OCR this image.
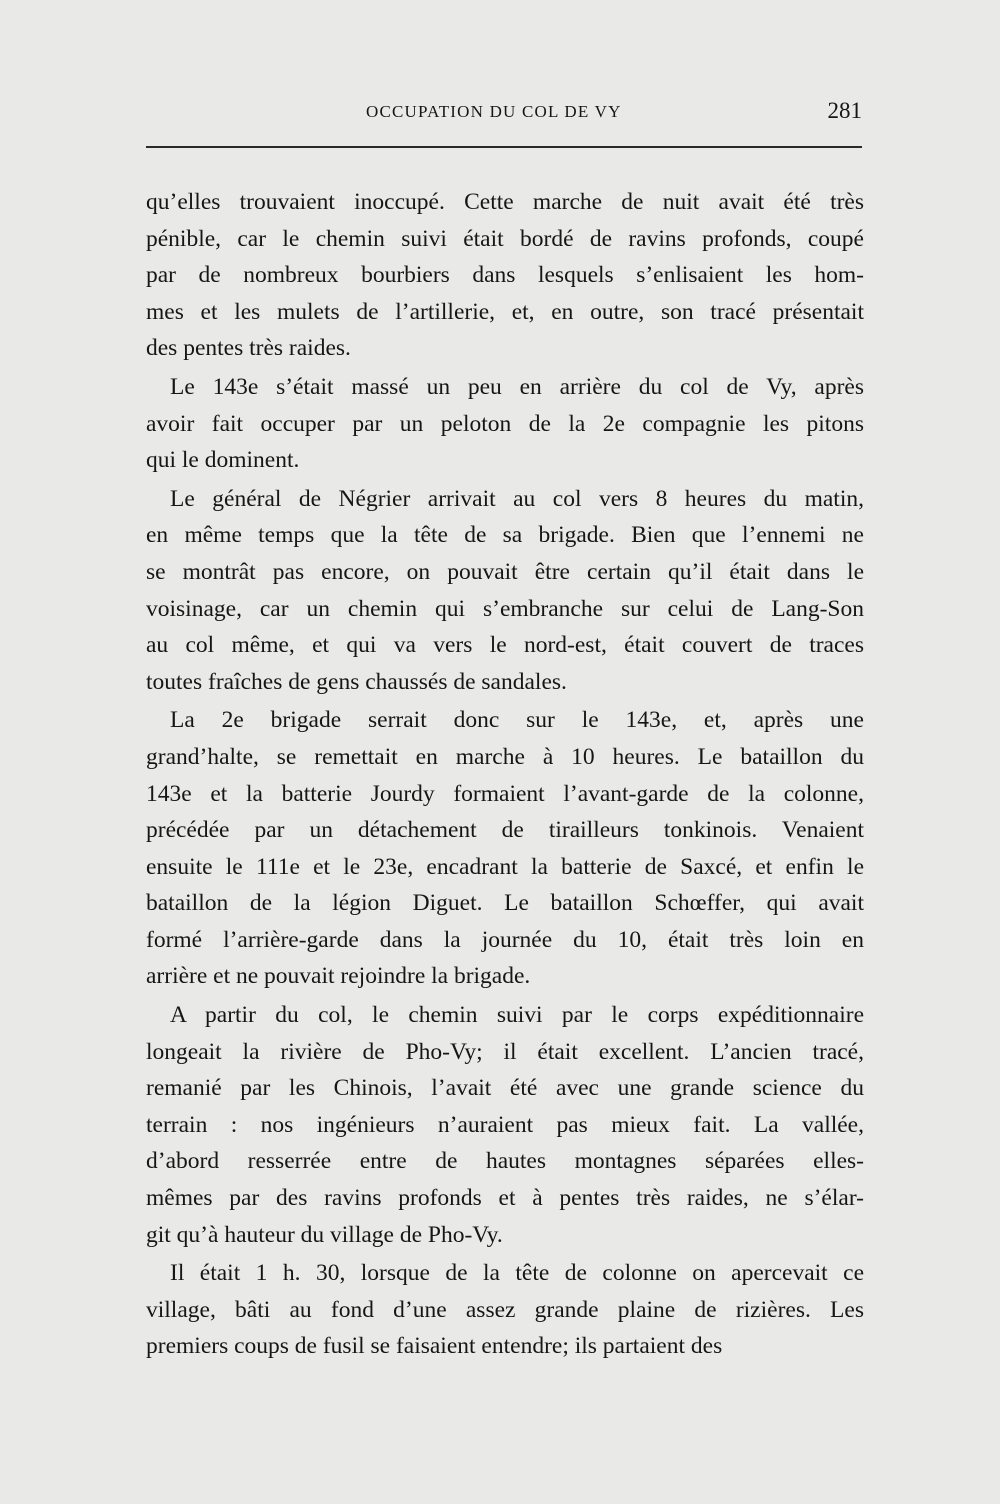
OCCUPATION DU COL DE VY	281

qu’elles trouvaient inoccupé. Cette marche de nuit avait été très
pénible, car le chemin suivi était bordé de ravins profonds, coupé
par de nombreux bourbiers dans lesquels s’enlisaient les hom-
mes et les mulets de l’artillerie, et, en outre, son tracé présentait
des pentes très raides.

Le 143e s’était massé un peu en arrière du col de Vy, après
avoir fait occuper par un peloton de la 2e compagnie les pitons
qui le dominent.

Le général de Négrier arrivait au col vers 8 heures du matin,
en même temps que la tête de sa brigade. Bien que l’ennemi ne
se montrât pas encore, on pouvait être certain qu’il était dans le
voisinage, car un chemin qui s’embranche sur celui de Lang-Son
au col même, et qui va vers le nord-est, était couvert de traces
toutes fraîches de gens chaussés de sandales.

La 2e brigade serrait donc sur le 143e, et, après une
grand’halte, se remettait en marche à 10 heures. Le bataillon du
143e et la batterie Jourdy formaient l’avant-garde de la colonne,
précédée par un détachement de tirailleurs tonkinois. Venaient
ensuite le 111e et le 23e, encadrant la batterie de Saxcé, et enfin le
bataillon de la légion Diguet. Le bataillon Schœffer, qui avait
formé l’arrière-garde dans la journée du 10, était très loin en
arrière et ne pouvait rejoindre la brigade.

A partir du col, le chemin suivi par le corps expéditionnaire
longeait la rivière de Pho-Vy; il était excellent. L’ancien tracé,
remanié par les Chinois, l’avait été avec une grande science du
terrain : nos ingénieurs n’auraient pas mieux fait. La vallée,
d’abord resserrée entre de hautes montagnes séparées elles-
mêmes par des ravins profonds et à pentes très raides, ne s’élar-
git qu’à hauteur du village de Pho-Vy.

Il était 1 h. 30, lorsque de la tête de colonne on apercevait ce
village, bâti au fond d’une assez grande plaine de rizières. Les
premiers coups de fusil se faisaient entendre; ils partaient des
